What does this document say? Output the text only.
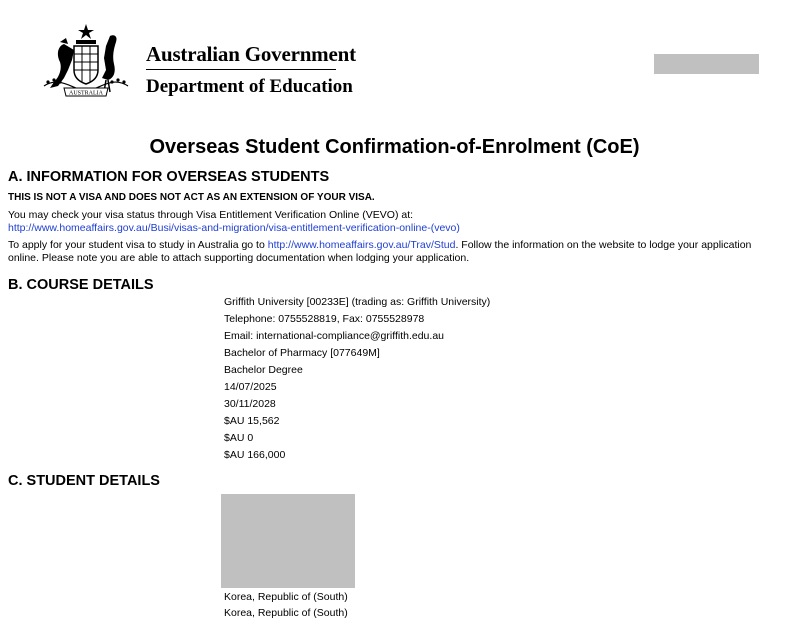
AUSTRALIA
Australian Government
Department of Education
Overseas Student Confirmation-of-Enrolment (CoE)
A. INFORMATION FOR OVERSEAS STUDENTS
THIS IS NOT A VISA AND DOES NOT ACT AS AN EXTENSION OF YOUR VISA.
You may check your visa status through Visa Entitlement Verification Online (VEVO) at:
http://www.homeaffairs.gov.au/Busi/visas-and-migration/visa-entitlement-verification-online-(vevo)
To apply for your student visa to study in Australia go to http://www.homeaffairs.gov.au/Trav/Stud. Follow the information on the website to lodge your application online. Please note you are able to attach supporting documentation when lodging your application.
B. COURSE DETAILS
Griffith University [00233E] (trading as: Griffith University)
Telephone: 0755528819, Fax: 0755528978
Email: international-compliance@griffith.edu.au
Bachelor of Pharmacy [077649M]
Bachelor Degree
14/07/2025
30/11/2028
$AU 15,562
$AU 0
$AU 166,000
C. STUDENT DETAILS
Korea, Republic of (South)
Korea, Republic of (South)
